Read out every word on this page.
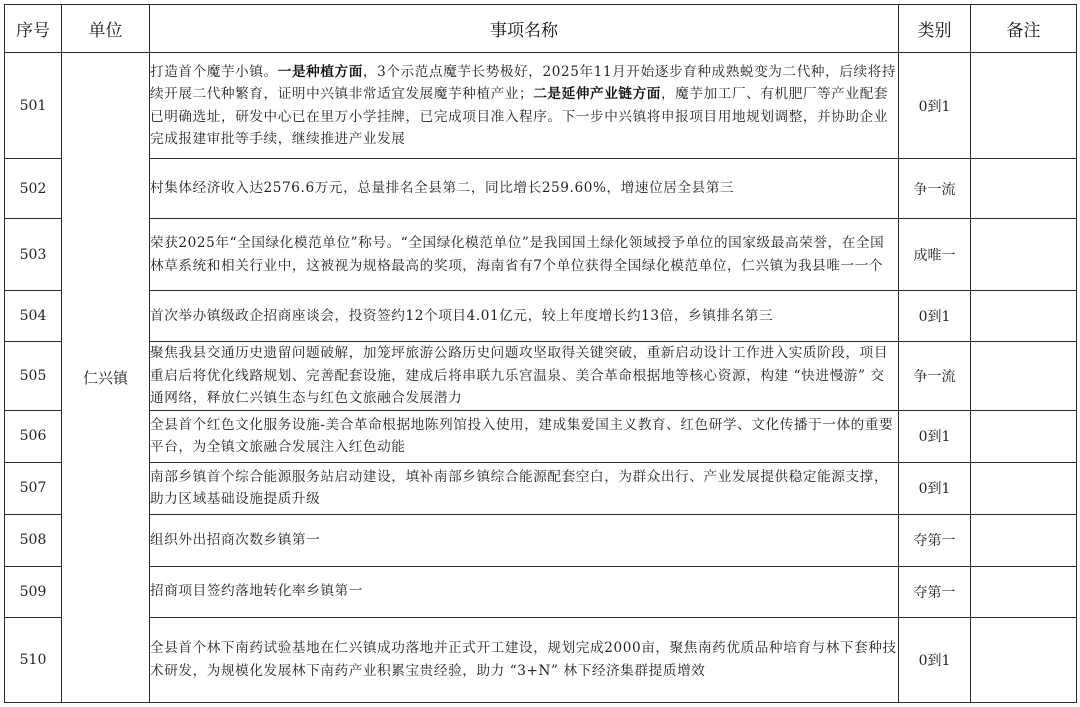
序号	单位	事项名称	类别	备注
501	仁兴镇	打造首个魔芋小镇。一是种植方面，3个示范点魔芋长势极好，2025年11月开始逐步育种成熟蜕变为二代种，后续将持续开展二代种繁育，证明中兴镇非常适宜发展魔芋种植产业；二是延伸产业链方面，魔芋加工厂、有机肥厂等产业配套已明确选址，研发中心已在里万小学挂牌，已完成项目准入程序。下一步中兴镇将申报项目用地规划调整，并协助企业完成报建审批等手续，继续推进产业发展	0到1	
502		村集体经济收入达2576.6万元，总量排名全县第二，同比增长259.60%，增速位居全县第三	争一流	
503		荣获2025年“全国绿化模范单位”称号。“全国绿化模范单位”是我国国土绿化领域授予单位的国家级最高荣誉，在全国林草系统和相关行业中，这被视为规格最高的奖项，海南省有7个单位获得全国绿化模范单位，仁兴镇为我县唯一一个	成唯一	
504		首次举办镇级政企招商座谈会，投资签约12个项目4.01亿元，较上年度增长约13倍，乡镇排名第三	0到1	
505		聚焦我县交通历史遗留问题破解，加笼坪旅游公路历史问题攻坚取得关键突破，重新启动设计工作进入实质阶段，项目重启后将优化线路规划、完善配套设施，建成后将串联九乐宫温泉、美合革命根据地等核心资源，构建 “快进慢游” 交通网络，释放仁兴镇生态与红色文旅融合发展潜力	争一流	
506		全县首个红色文化服务设施-美合革命根据地陈列馆投入使用，建成集爱国主义教育、红色研学、文化传播于一体的重要平台，为全镇文旅融合发展注入红色动能	0到1	
507		南部乡镇首个综合能源服务站启动建设，填补南部乡镇综合能源配套空白，为群众出行、产业发展提供稳定能源支撑，助力区域基础设施提质升级	0到1	
508		组织外出招商次数乡镇第一	夺第一	
509		招商项目签约落地转化率乡镇第一	夺第一	
510		全县首个林下南药试验基地在仁兴镇成功落地并正式开工建设，规划完成2000亩，聚焦南药优质品种培育与林下套种技术研发，为规模化发展林下南药产业积累宝贵经验，助力 “3+N” 林下经济集群提质增效	0到1	
